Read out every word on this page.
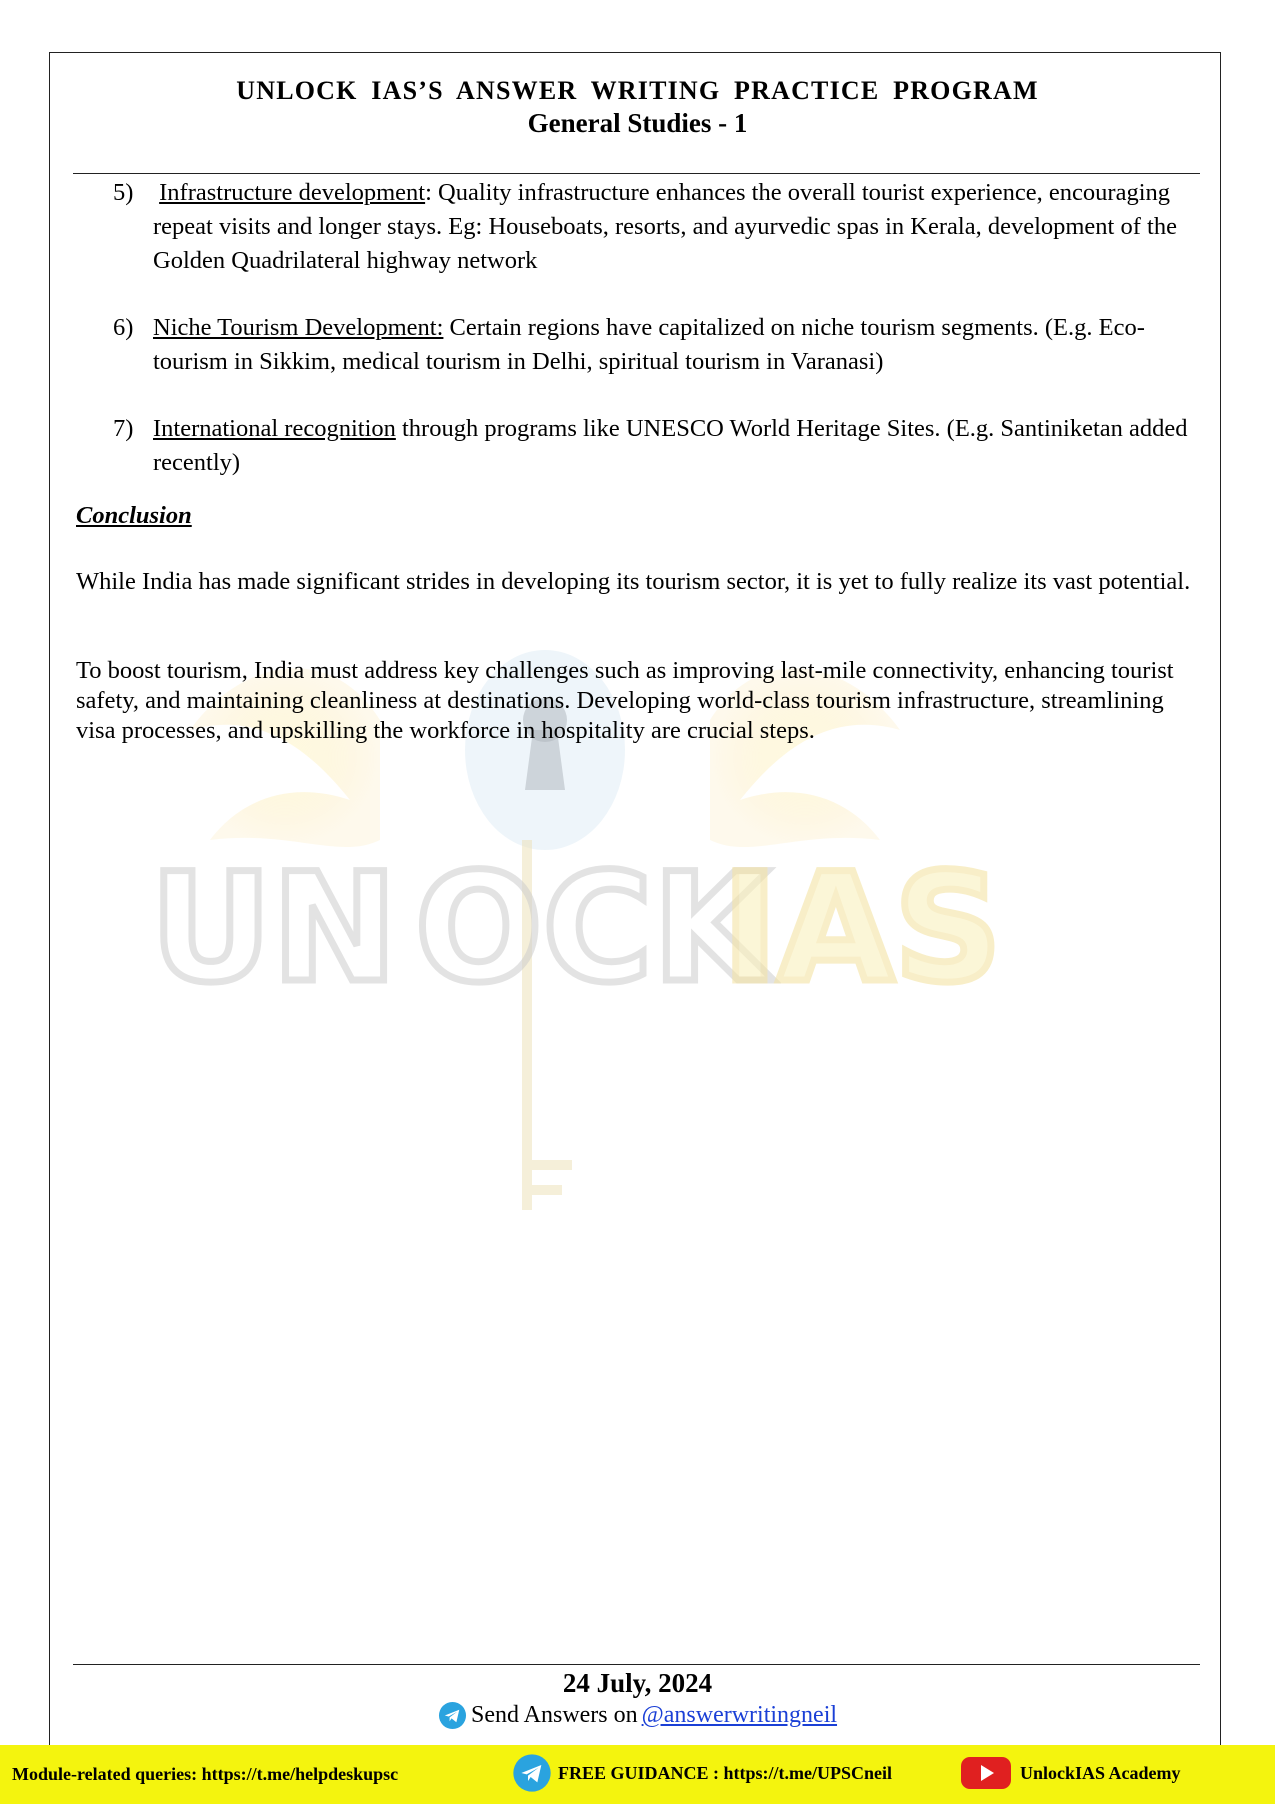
UNLOCK IAS’S ANSWER WRITING PRACTICE PROGRAM
General Studies - 1
UN OCK
IAS
5) Infrastructure development: Quality infrastructure enhances the overall tourist experience, encouraging repeat visits and longer stays. Eg: Houseboats, resorts, and ayurvedic spas in Kerala, development of the Golden Quadrilateral highway network
6) Niche Tourism Development: Certain regions have capitalized on niche tourism segments. (E.g. Eco-tourism in Sikkim, medical tourism in Delhi, spiritual tourism in Varanasi)
7) International recognition through programs like UNESCO World Heritage Sites. (E.g. Santiniketan added recently)
Conclusion
While India has made significant strides in developing its tourism sector, it is yet to fully realize its vast potential.
To boost tourism, India must address key challenges such as improving last-mile connectivity, enhancing tourist safety, and maintaining cleanliness at destinations. Developing world-class tourism infrastructure, streamlining visa processes, and upskilling the workforce in hospitality are crucial steps.
24 July, 2024
Send Answers on @answerwritingneil
Module-related queries: https://t.me/helpdeskupsc	FREE GUIDANCE : https://t.me/UPSCneil	UnlockIAS Academy
